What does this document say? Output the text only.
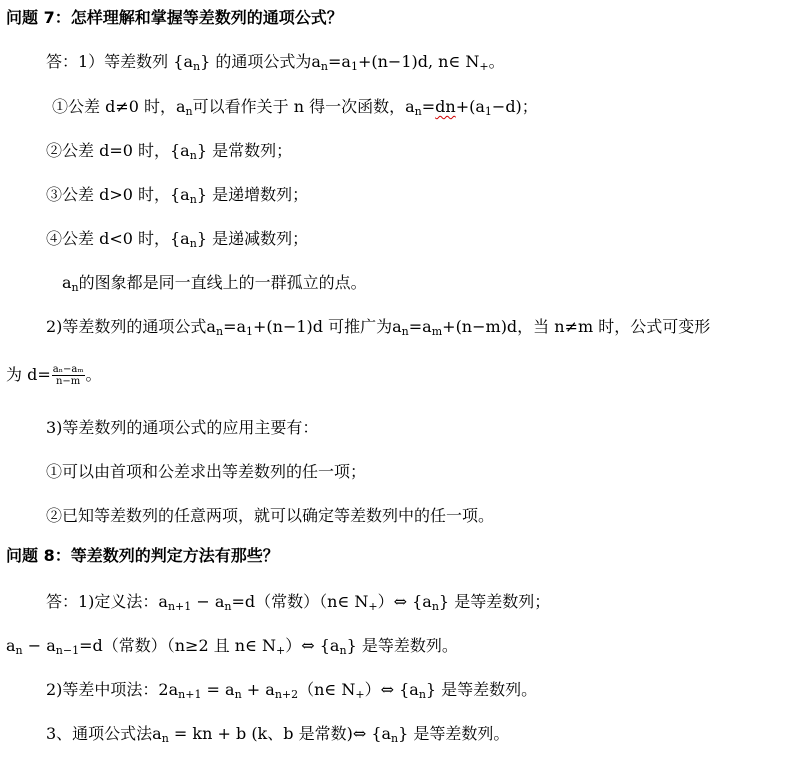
问题 7：怎样理解和掌握等差数列的通项公式？
答：1）等差数列 $\{a_n\}$ 的通项公式为$a_n=a_1+(n-1)d$, n∈ $N_+$。
①公差 d≠0 时，$a_n$可以看作关于 n 得一次函数，$a_n=dn+(a_1-d)$；
②公差 d=0 时，$\{a_n\}$ 是常数列；
③公差 d>0 时，$\{a_n\}$ 是递增数列；
④公差 d<0 时，$\{a_n\}$ 是递减数列；
$a_n$的图象都是同一直线上的一群孤立的点。
2)等差数列的通项公式$a_n=a_1+(n-1)d$ 可推广为$a_n=a_m+(n-m)d$，当 n≠m 时，公式可变形
为 $d= \frac{\text{aₙ−aₘ}}{n-m}$ 。
3)等差数列的通项公式的应用主要有：
①可以由首项和公差求出等差数列的任一项；
②已知等差数列的任意两项，就可以确定等差数列中的任一项。
问题 8：等差数列的判定方法有那些？
答：1)定义法：$a_{n+1} - a_n=d$（常数）（n∈ $N_+)\Leftrightarrow$ $\{a_n\}$ 是等差数列；
$a_n - a_{n-1}=d$（常数）（n≥2 且 n∈ $N_+)\Leftrightarrow$ $\{a_n\}$ 是等差数列。
2)等差中项法：$2a_{n+1} = a_n$ + $a_{n+2}(n\in$ $N_+)\Leftrightarrow$ $\{a_n\}$ 是等差数列。
3、通项公式法$a_n$ = kn + b (k、b 是常数)⇔ $\{a_n\}$ 是等差数列。
